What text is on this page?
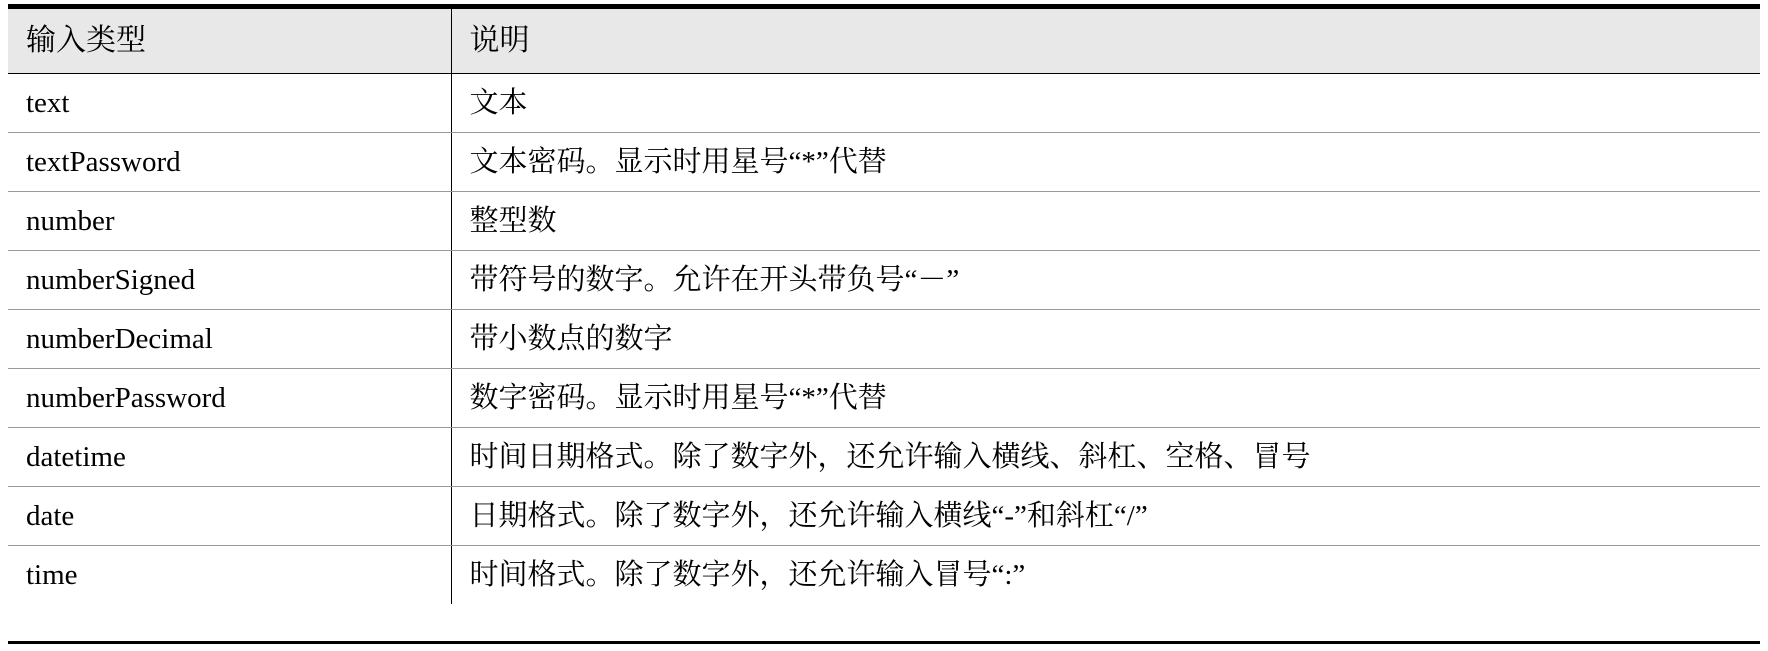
输入类型	说明
text	文本
textPassword	文本密码。显示时用星号“*”代替
number	整型数
numberSigned	带符号的数字。允许在开头带负号“－”
numberDecimal	带小数点的数字
numberPassword	数字密码。显示时用星号“*”代替
datetime	时间日期格式。除了数字外，还允许输入横线、斜杠、空格、冒号
date	日期格式。除了数字外，还允许输入横线“-”和斜杠“/”
time	时间格式。除了数字外，还允许输入冒号“:”
